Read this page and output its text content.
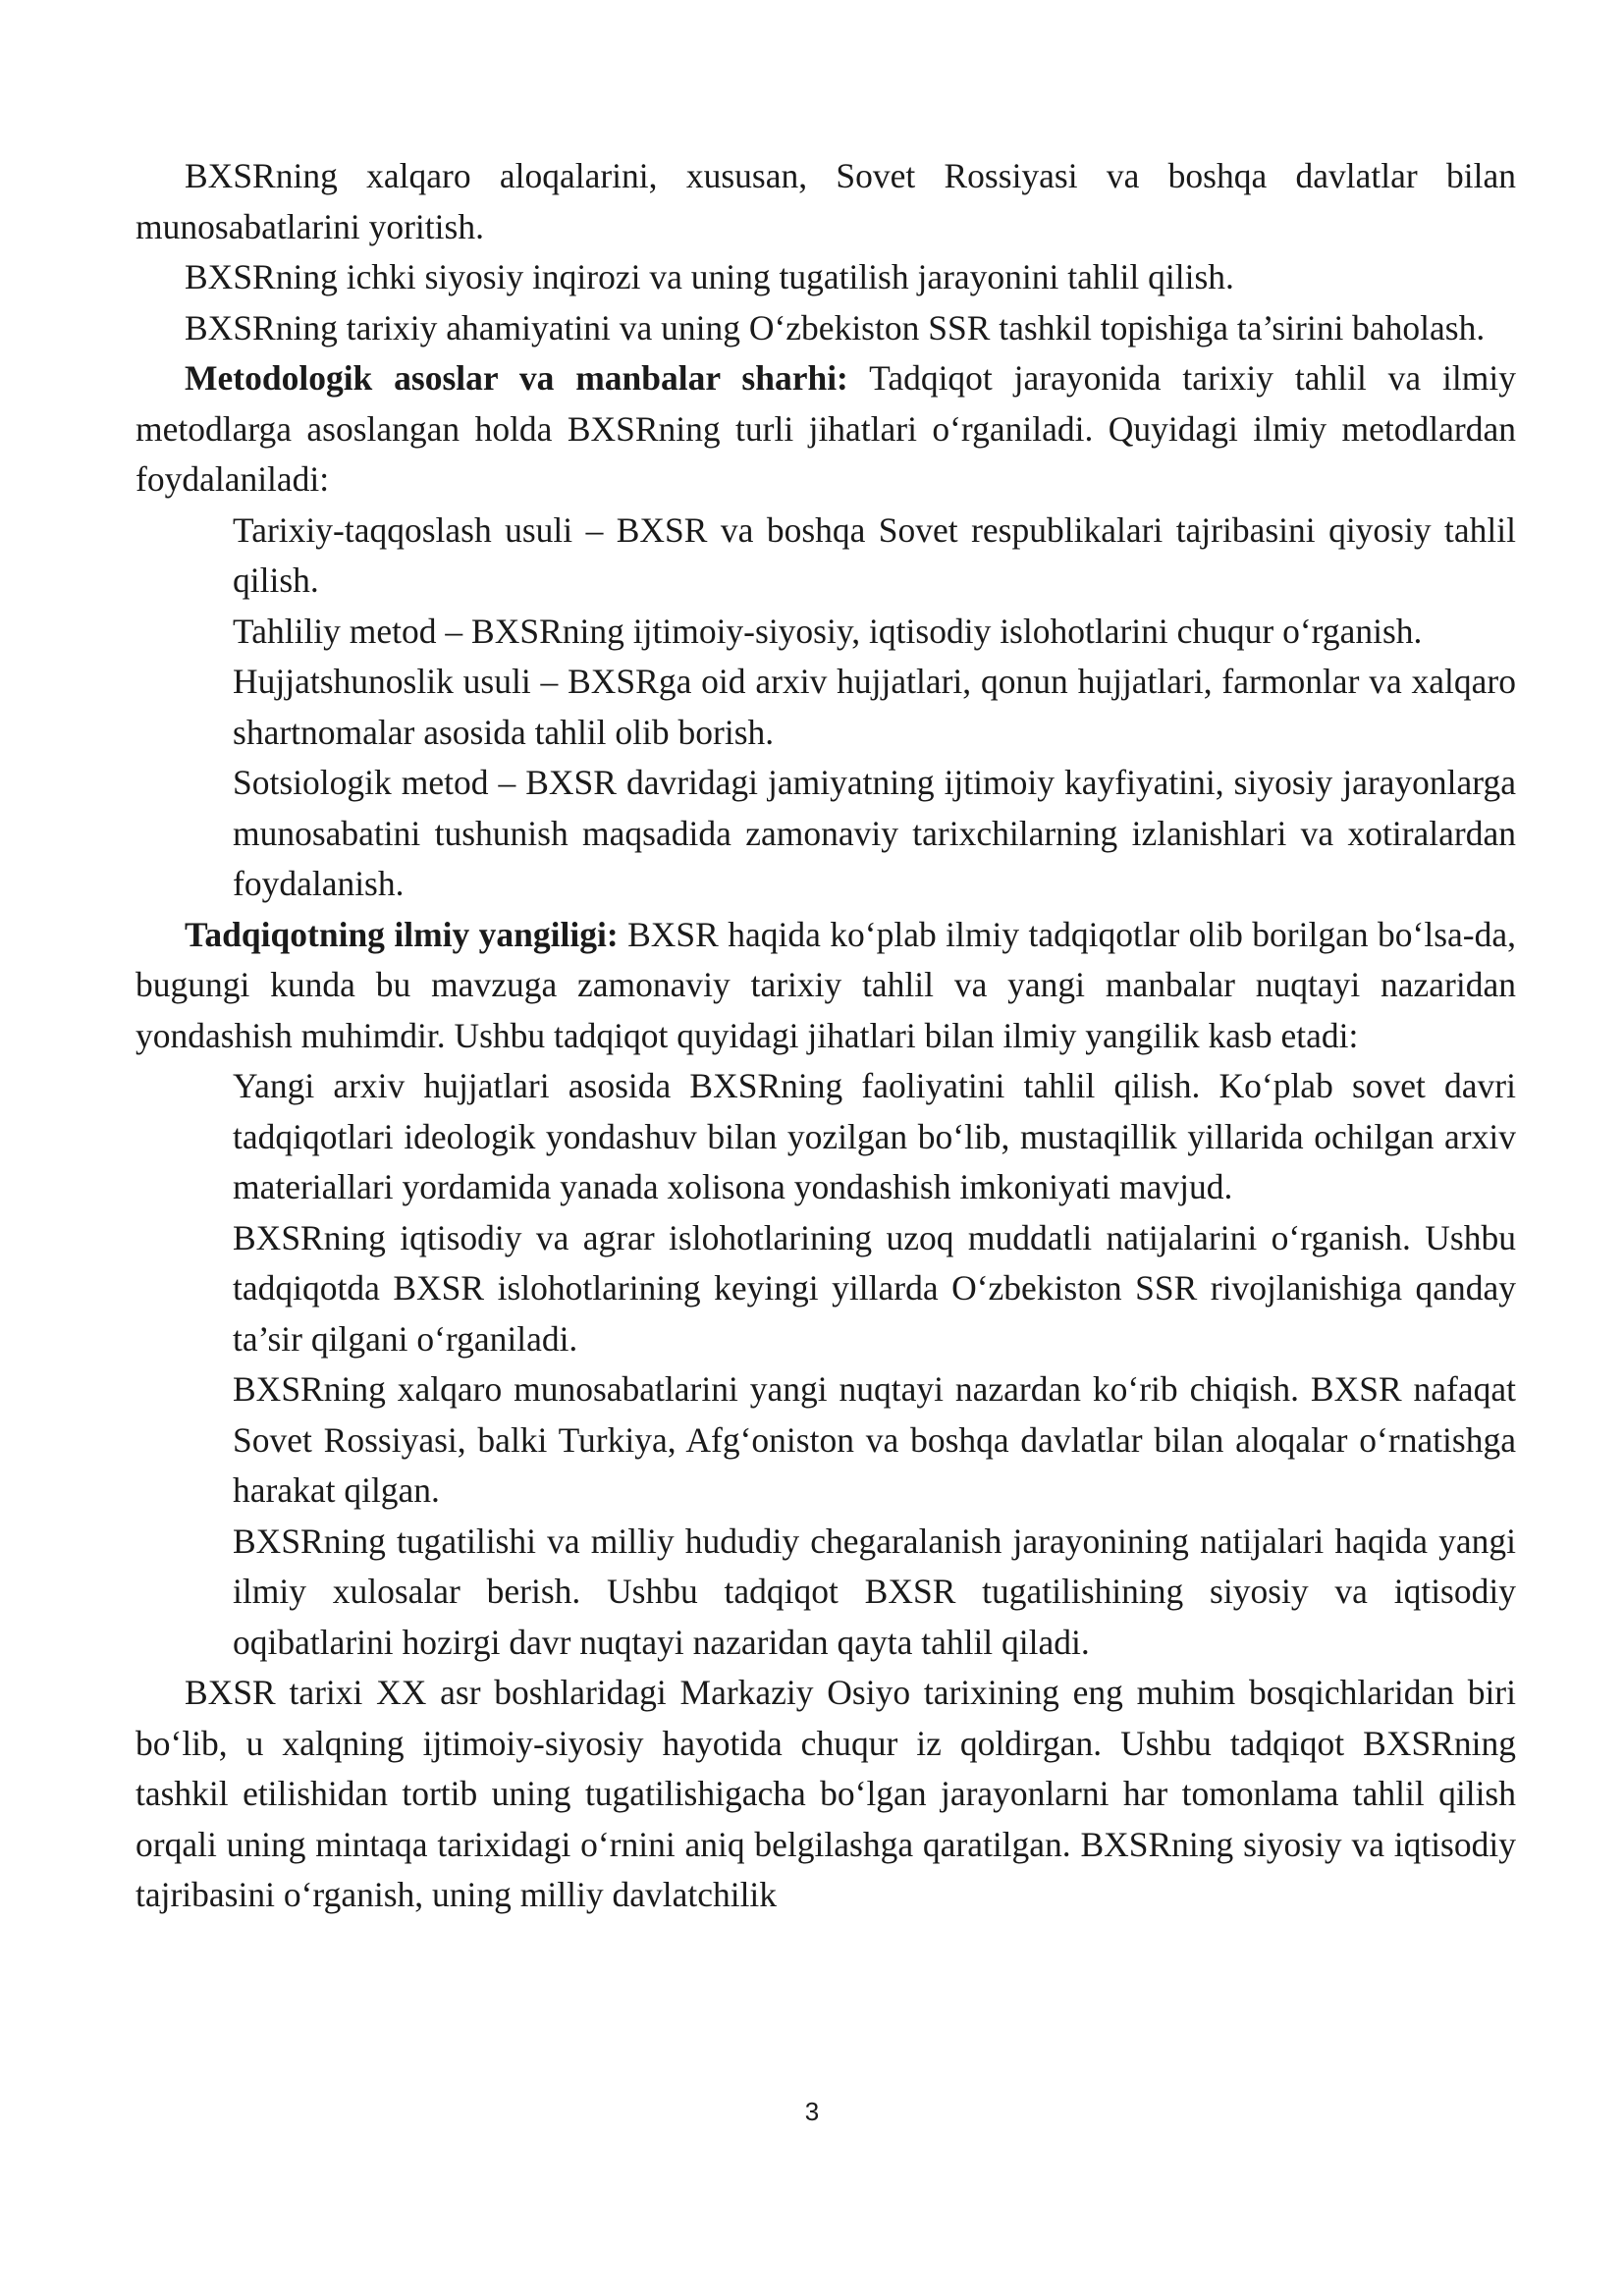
BXSRning xalqaro aloqalarini, xususan, Sovet Rossiyasi va boshqa davlatlar bilan munosabatlarini yoritish.

BXSRning ichki siyosiy inqirozi va uning tugatilish jarayonini tahlil qilish.

BXSRning tarixiy ahamiyatini va uning O‘zbekiston SSR tashkil topishiga ta’sirini baholash.

Metodologik asoslar va manbalar sharhi: Tadqiqot jarayonida tarixiy tahlil va ilmiy metodlarga asoslangan holda BXSRning turli jihatlari o‘rganiladi. Quyidagi ilmiy metodlardan foydalaniladi:

Tarixiy-taqqoslash usuli – BXSR va boshqa Sovet respublikalari tajribasini qiyosiy tahlil qilish.

Tahliliy metod – BXSRning ijtimoiy-siyosiy, iqtisodiy islohotlarini chuqur o‘rganish.

Hujjatshunoslik usuli – BXSRga oid arxiv hujjatlari, qonun hujjatlari, farmonlar va xalqaro shartnomalar asosida tahlil olib borish.

Sotsiologik metod – BXSR davridagi jamiyatning ijtimoiy kayfiyatini, siyosiy jarayonlarga munosabatini tushunish maqsadida zamonaviy tarixchilarning izlanishlari va xotiralardan foydalanish.

Tadqiqotning ilmiy yangiligi: BXSR haqida ko‘plab ilmiy tadqiqotlar olib borilgan bo‘lsa-da, bugungi kunda bu mavzuga zamonaviy tarixiy tahlil va yangi manbalar nuqtayi nazaridan yondashish muhimdir. Ushbu tadqiqot quyidagi jihatlari bilan ilmiy yangilik kasb etadi:

Yangi arxiv hujjatlari asosida BXSRning faoliyatini tahlil qilish. Ko‘plab sovet davri tadqiqotlari ideologik yondashuv bilan yozilgan bo‘lib, mustaqillik yillarida ochilgan arxiv materiallari yordamida yanada xolisona yondashish imkoniyati mavjud.

BXSRning iqtisodiy va agrar islohotlarining uzoq muddatli natijalarini o‘rganish. Ushbu tadqiqotda BXSR islohotlarining keyingi yillarda O‘zbekiston SSR rivojlanishiga qanday ta’sir qilgani o‘rganiladi.

BXSRning xalqaro munosabatlarini yangi nuqtayi nazardan ko‘rib chiqish. BXSR nafaqat Sovet Rossiyasi, balki Turkiya, Afg‘oniston va boshqa davlatlar bilan aloqalar o‘rnatishga harakat qilgan.

BXSRning tugatilishi va milliy hududiy chegaralanish jarayonining natijalari haqida yangi ilmiy xulosalar berish. Ushbu tadqiqot BXSR tugatilishining siyosiy va iqtisodiy oqibatlarini hozirgi davr nuqtayi nazaridan qayta tahlil qiladi.

BXSR tarixi XX asr boshlaridagi Markaziy Osiyo tarixining eng muhim bosqichlaridan biri bo‘lib, u xalqning ijtimoiy-siyosiy hayotida chuqur iz qoldirgan. Ushbu tadqiqot BXSRning tashkil etilishidan tortib uning tugatilishigacha bo‘lgan jarayonlarni har tomonlama tahlil qilish orqali uning mintaqa tarixidagi o‘rnini aniq belgilashga qaratilgan. BXSRning siyosiy va iqtisodiy tajribasini o‘rganish, uning milliy davlatchilik

3
